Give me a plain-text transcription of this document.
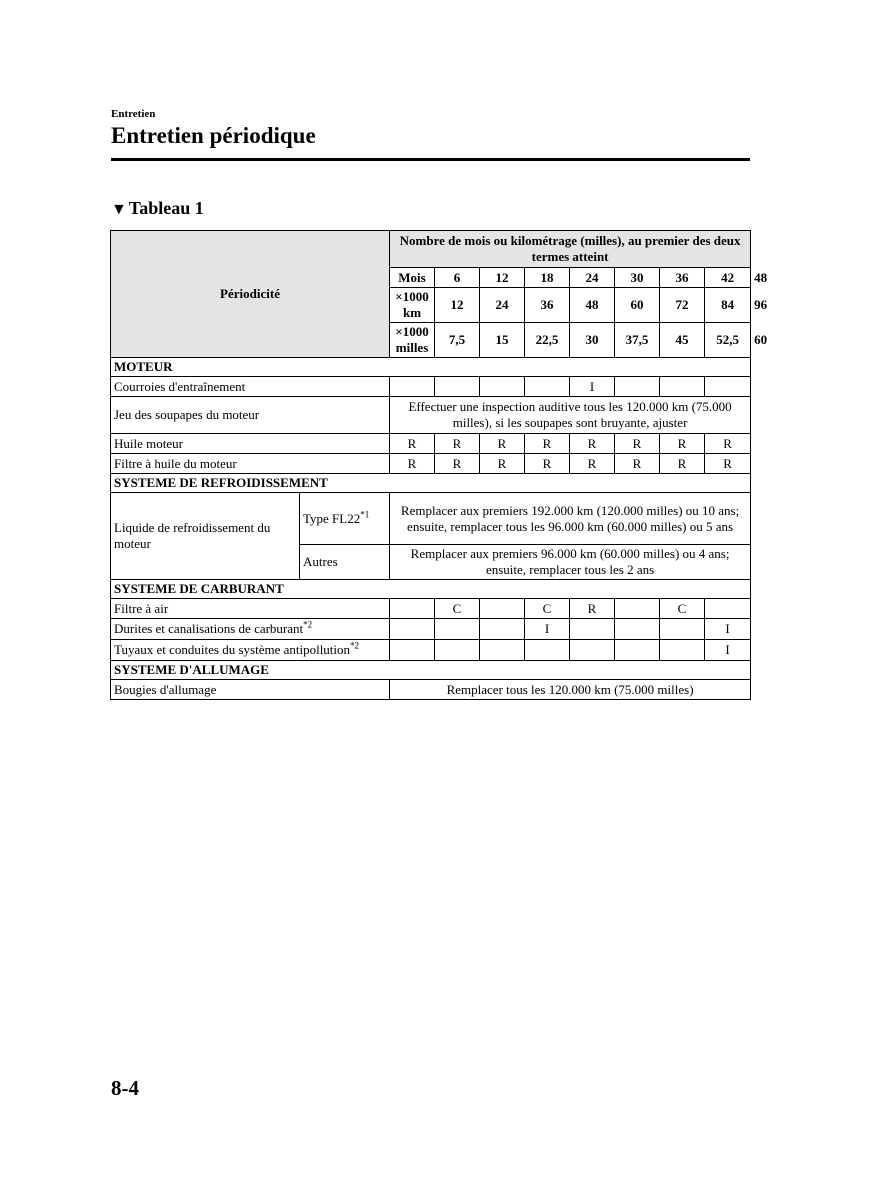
Entretien
Entretien périodique
▼ Tableau 1
Périodicité		Nombre de mois ou kilométrage (milles), au premier des deux termes atteint								
		Mois	6	12	18	24	30	36	42	48
		×1000 km	12	24	36	48	60	72	84	96
		×1000 milles	7,5	15	22,5	30	37,5	45	52,5	60
MOTEUR										
Courroies d'entraînement						I				
Jeu des soupapes du moteur		Effectuer une inspection auditive tous les 120.000 km (75.000 milles), si les soupapes sont bruyante, ajuster								
Huile moteur		R	R	R	R	R	R	R	R	
Filtre à huile du moteur		R	R	R	R	R	R	R	R	
SYSTEME DE REFROIDISSEMENT										
Liquide de refroidissement du moteur	Type FL22$^{*1}$	Remplacer aux premiers 192.000 km (120.000 milles) ou 10 ans; ensuite, remplacer tous les 96.000 km (60.000 milles) ou 5 ans								
	Autres	Remplacer aux premiers 96.000 km (60.000 milles) ou 4 ans; ensuite, remplacer tous les 2 ans								
SYSTEME DE CARBURANT										
Filtre à air			C		C	R		C		
Durites et canalisations de carburant$^{*2}$					I				I	
Tuyaux et conduites du système antipollution$^{*2}$									I	
SYSTEME D'ALLUMAGE										
Bougies d'allumage		Remplacer tous les 120.000 km (75.000 milles)								
8-4
